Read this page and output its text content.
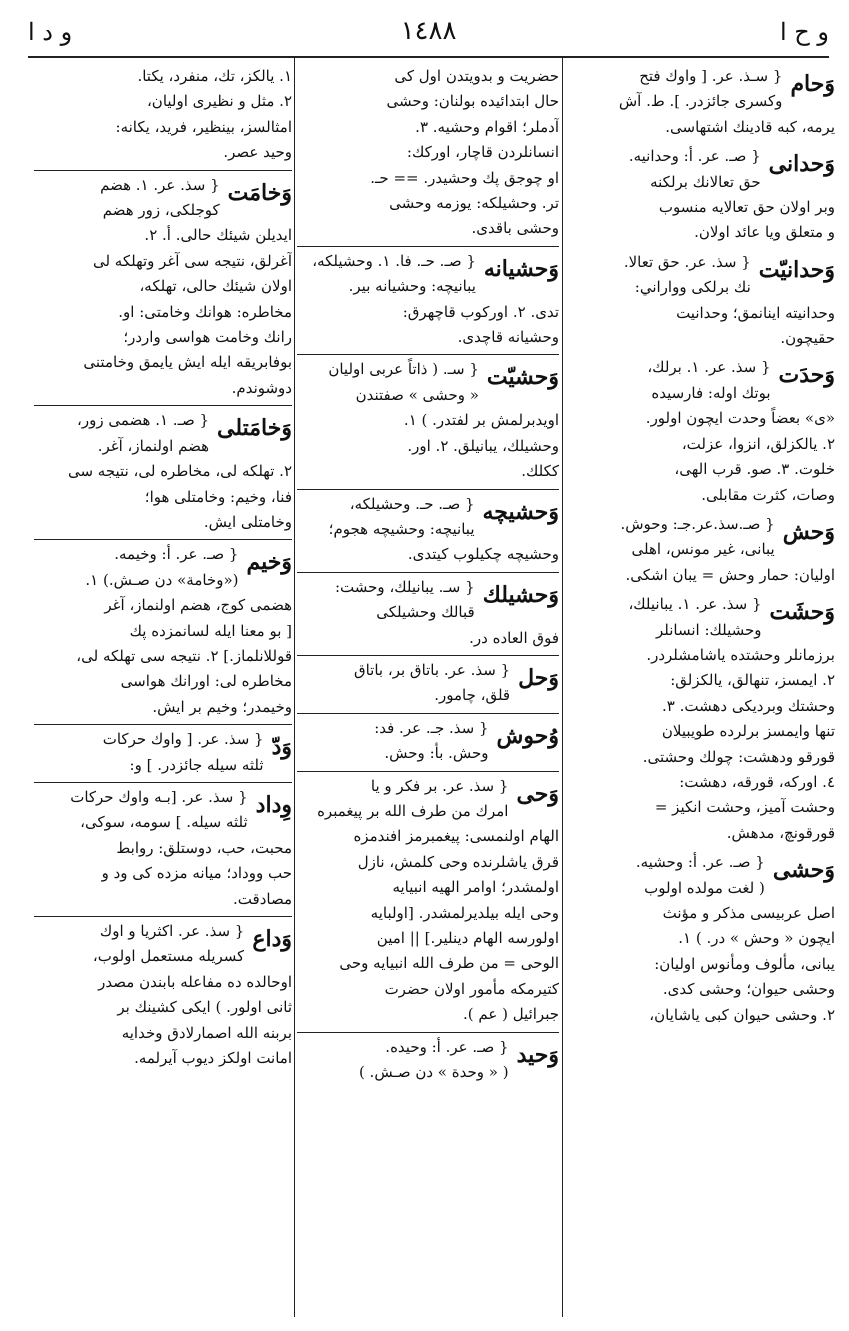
و ح ا
١٤٨٨
و د ا
وَحام
{ سـذ. عر. [ واوك فتح
وكسرى جائزدر. ]. ط. آش
يرمه، كبه قادينك اشتهاسى.
وَحدانى
{ صـ. عر. أ: وحدانيه.
حق تعالانك برلكنه
وبر اولان حق تعالايه منسوب
و متعلق ويا عائد اولان.
وَحدانيّت
{ سذ. عر. حق تعالا.
نك برلكى وواراني:
وحدانيته اينانمق؛ وحدانيت
حقيچون.
وَحدَت
{ سذ. عر. ١. برلك،
بوتك اوله: فارسيده
«ى» بعضاً وحدت ايچون اولور.
٢. يالكزلق، انزوا، عزلت،
خلوت. ٣. صو. قرب الهى،
وصات، كثرت مقابلى.
وَحش
{ صـ.سذ.عر.جـ: وحوش.
يبانى، غير مونس، اهلى
اوليان: حمار وحش = يبان اشكى.
وَحشَت
{ سذ. عر. ١. يبانيلك،
وحشيلك: انسانلر
برزمانلر وحشتده ياشامشلردر.
٢. ايمسز، تنهالق، يالكزلق:
وحشتك وبرديكى دهشت. ٣.
تنها وايمسز برلرده طويبيلان
قورقو ودهشت: چولك وحشتى.
٤. اوركه، قورقه، دهشت:
وحشت آميز، وحشت انكيز =
قورقونچ، مدهش.
وَحشى
{ صـ. عر. أ: وحشيه.
( لغت مولده اولوب
اصل عربيسى مذكر و مؤنث
ايچون « وحش » در. ) ١.
يبانى، مألوف ومأنوس اوليان:
وحشى حيوان؛ وحشى كدى.
٢. وحشى حيوان كبى ياشايان،
حضريت و بدويتدن اول كى
حال ابتدائيده بولنان: وحشى
آدملر؛ اقوام وحشيه. ٣.
انسانلردن قاچار، اوركك:
او چوجق پك وحشيدر. == حـ.
تر. وحشيلكه: يوزمه وحشى
وحشى باقدى.
وَحشيانه
{ صـ. حـ. فا. ١. وحشيلكه،
يبانيچه: وحشيانه بير.
تدى. ٢. اوركوب قاچهرق:
وحشيانه قاچدى.
وَحشيّت
{ سـ. ( ذاتاً عربى اوليان
« وحشى » صفتندن
اويدبرلمش بر لفتدر. ) ١.
وحشيلك، يبانيلق. ٢. اور.
ككلك.
وَحشيچه
{ صـ. حـ. وحشيلكه،
يبانيچه: وحشيچه هجوم؛
وحشيچه چكيلوب كيتدى.
وَحشيلك
{ سـ. يبانيلك، وحشت:
قبالك وحشيلكى
فوق العاده در.
وَحل
{ سذ. عر. باتاق بر، باتاق
قلق، چامور.
وُحوش
{ سذ. جـ. عر. فد:
وحش. بأ: وحش.
وَحى
{ سذ. عر. بر فكر و يا
امرك من طرف الله بر پيغمبره
الهام اولنمسى: پيغمبرمز افندمزه
قرق ياشلرنده وحى كلمش، نازل
اولمشدر؛ اوامر الهيه انبيايه
وحى ايله بيلديرلمشدر. [اولبايه
اولورسه الهام دينلير.] || امين
الوحى = من طرف الله انبيايه وحى
كتيرمكه مأمور اولان حضرت
جبرائيل ( عم ).
وَحيد
{ صـ. عر. أ: وحيده.
( « وحدة » دن صـش. )
١. يالكز، تك، منفرد، يكتا.
٢. مثل و نظيرى اوليان،
امثالسز، بينظير، فريد، يكانه:
وحيد عصر.
وَخامَت
{ سذ. عر. ١. هضم
كوجلكى، زور هضم
ايديلن شيئك حالى. أ. ٢.
آغرلق، نتيجه سى آغر وتهلكه لى
اولان شيئك حالى، تهلكه،
مخاطره: هوانك وخامتى: او.
رانك وخامت هواسى واردر؛
بوفابريقه ايله ايش يايمق وخامتنى
دوشوندم.
وَخامَتلى
{ صـ. ١. هضمى زور،
هضم اولنماز، آغر.
٢. تهلكه لى، مخاطره لى، نتيجه سى
فنا، وخيم: وخامتلى هوا؛
وخامتلى ايش.
وَخيم
{ صـ. عر. أ: وخيمه.
(«وخامة» دن صـش.) ١.
هضمى كوج، هضم اولنماز، آغر
[ بو معنا ايله لسانمزده پك
قوللانلماز.] ٢. نتيجه سى تهلكه لى،
مخاطره لى: اورانك هواسى
وخيمدر؛ وخيم بر ايش.
وَدّ
{ سذ. عر. [ واوك حركات
ثلثه سيله جائزدر. ] و:
وِداد
{ سذ. عر. [بـه واوك حركات
ثلثه سيله. ] سومه، سوكى،
محبت، حب، دوستلق: روابط
حب ووداد؛ ميانه مزده كى ود و
مصادقت.
وَداع
{ سذ. عر. اكثريا و اوك
كسريله مستعمل اولوب،
اوحالده ده مفاعله بابندن مصدر
ثانى اولور. ) ايكى كشينك بر
بربنه الله اصمارلادق وخدايه
امانت اولكز ديوب آيرلمه.
